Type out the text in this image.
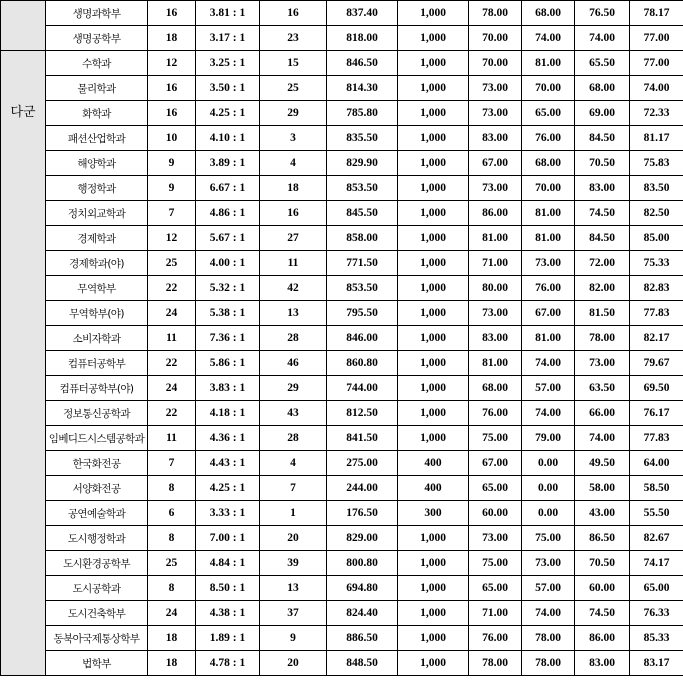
	생명과학부	16	3.81 : 1	16	837.40	1,000	78.00	68.00	76.50	78.17
	생명공학부	18	3.17 : 1	23	818.00	1,000	70.00	74.00	74.00	77.00
다군	수학과	12	3.25 : 1	15	846.50	1,000	70.00	81.00	65.50	77.00
	물리학과	16	3.50 : 1	25	814.30	1,000	73.00	70.00	68.00	74.00
	화학과	16	4.25 : 1	29	785.80	1,000	73.00	65.00	69.00	72.33
	패션산업학과	10	4.10 : 1	3	835.50	1,000	83.00	76.00	84.50	81.17
	해양학과	9	3.89 : 1	4	829.90	1,000	67.00	68.00	70.50	75.83
	행정학과	9	6.67 : 1	18	853.50	1,000	73.00	70.00	83.00	83.50
	정치외교학과	7	4.86 : 1	16	845.50	1,000	86.00	81.00	74.50	82.50
	경제학과	12	5.67 : 1	27	858.00	1,000	81.00	81.00	84.50	85.00
	경제학과(야)	25	4.00 : 1	11	771.50	1,000	71.00	73.00	72.00	75.33
	무역학부	22	5.32 : 1	42	853.50	1,000	80.00	76.00	82.00	82.83
	무역학부(야)	24	5.38 : 1	13	795.50	1,000	73.00	67.00	81.50	77.83
	소비자학과	11	7.36 : 1	28	846.00	1,000	83.00	81.00	78.00	82.17
	컴퓨터공학부	22	5.86 : 1	46	860.80	1,000	81.00	74.00	73.00	79.67
	컴퓨터공학부(야)	24	3.83 : 1	29	744.00	1,000	68.00	57.00	63.50	69.50
	정보통신공학과	22	4.18 : 1	43	812.50	1,000	76.00	74.00	66.00	76.17
	임베디드시스템공학과	11	4.36 : 1	28	841.50	1,000	75.00	79.00	74.00	77.83
	한국화전공	7	4.43 : 1	4	275.00	400	67.00	0.00	49.50	64.00
	서양화전공	8	4.25 : 1	7	244.00	400	65.00	0.00	58.00	58.50
	공연예술학과	6	3.33 : 1	1	176.50	300	60.00	0.00	43.00	55.50
	도시행정학과	8	7.00 : 1	20	829.00	1,000	73.00	75.00	86.50	82.67
	도시환경공학부	25	4.84 : 1	39	800.80	1,000	75.00	73.00	70.50	74.17
	도시공학과	8	8.50 : 1	13	694.80	1,000	65.00	57.00	60.00	65.00
	도시건축학부	24	4.38 : 1	37	824.40	1,000	71.00	74.00	74.50	76.33
	동북아국제통상학부	18	1.89 : 1	9	886.50	1,000	76.00	78.00	86.00	85.33
	법학부	18	4.78 : 1	20	848.50	1,000	78.00	78.00	83.00	83.17
